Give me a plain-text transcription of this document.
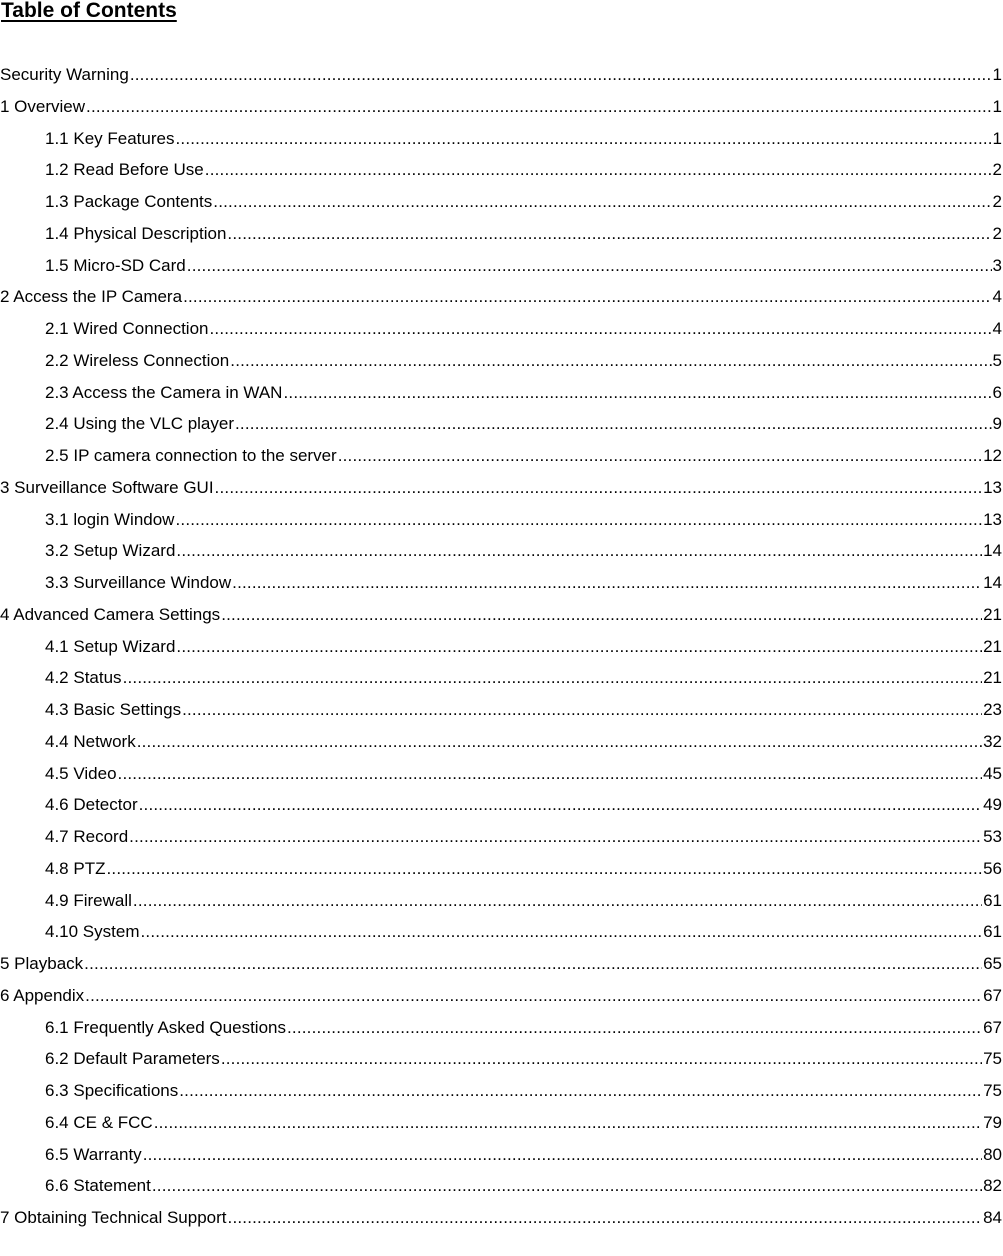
Table of Contents
Security Warning .....	1
1 Overview .....	1
1.1 Key Features .....	1
1.2 Read Before Use .....	2
1.3 Package Contents .....	2
1.4 Physical Description .....	2
1.5 Micro-SD Card .....	3
2 Access the IP Camera .....	4
2.1 Wired Connection .....	4
2.2 Wireless Connection .....	5
2.3 Access the Camera in WAN .....	6
2.4 Using the VLC player .....	9
2.5 IP camera connection to the server .....	12
3 Surveillance Software GUI .....	13
3.1 login Window .....	13
3.2 Setup Wizard .....	14
3.3 Surveillance Window .....	14
4 Advanced Camera Settings .....	21
4.1 Setup Wizard .....	21
4.2 Status .....	21
4.3 Basic Settings .....	23
4.4 Network .....	32
4.5 Video .....	45
4.6 Detector .....	49
4.7 Record .....	53
4.8 PTZ .....	56
4.9 Firewall .....	61
4.10 System .....	61
5 Playback .....	65
6 Appendix .....	67
6.1 Frequently Asked Questions .....	67
6.2 Default Parameters .....	75
6.3 Specifications .....	75
6.4 CE & FCC .....	79
6.5 Warranty .....	80
6.6 Statement .....	82
7 Obtaining Technical Support .....	84
